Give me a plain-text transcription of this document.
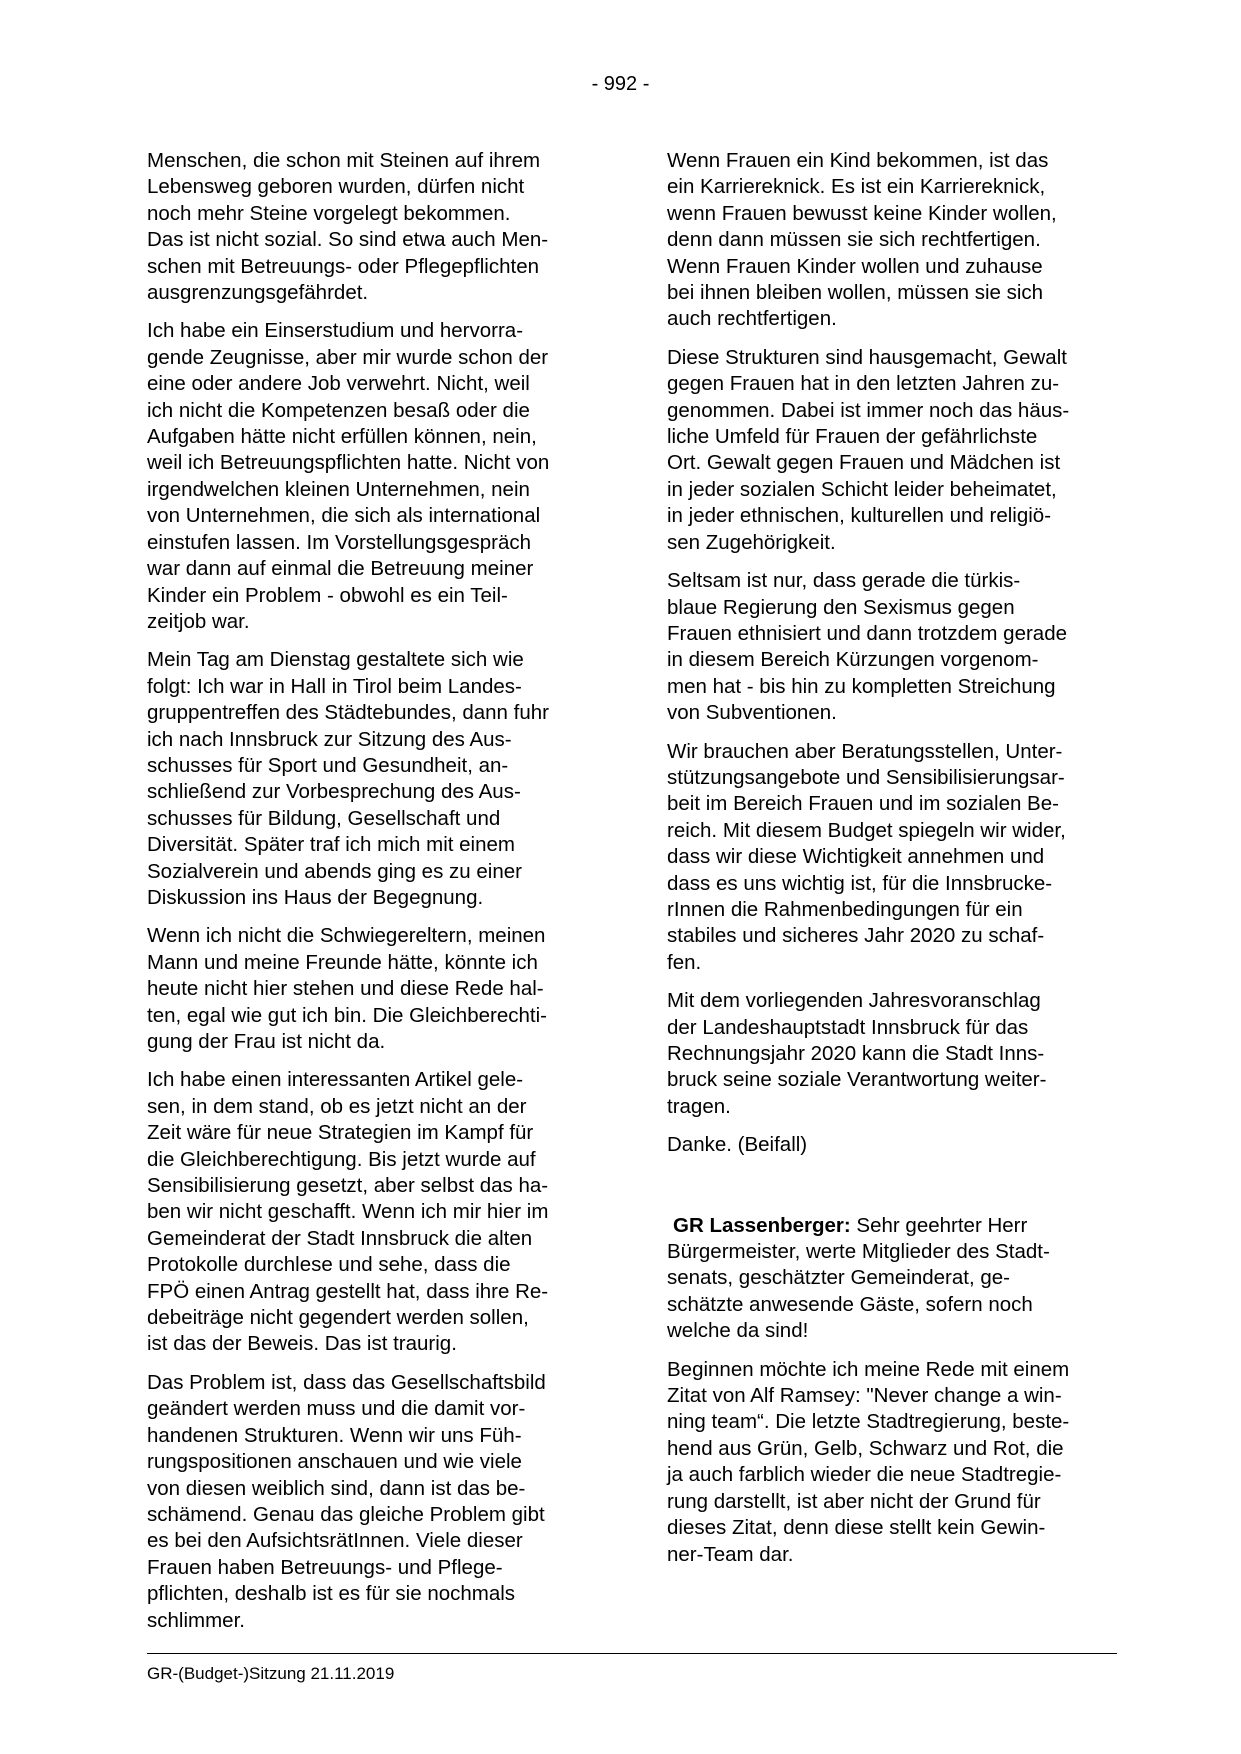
- 992 -

Menschen, die schon mit Steinen auf ihrem
Lebensweg geboren wurden, dürfen nicht
noch mehr Steine vorgelegt bekommen.
Das ist nicht sozial. So sind etwa auch Men-
schen mit Betreuungs- oder Pflegepflichten
ausgrenzungsgefährdet.

Ich habe ein Einserstudium und hervorra-
gende Zeugnisse, aber mir wurde schon der
eine oder andere Job verwehrt. Nicht, weil
ich nicht die Kompetenzen besaß oder die
Aufgaben hätte nicht erfüllen können, nein,
weil ich Betreuungspflichten hatte. Nicht von
irgendwelchen kleinen Unternehmen, nein
von Unternehmen, die sich als international
einstufen lassen. Im Vorstellungsgespräch
war dann auf einmal die Betreuung meiner
Kinder ein Problem - obwohl es ein Teil-
zeitjob war.

Mein Tag am Dienstag gestaltete sich wie
folgt: Ich war in Hall in Tirol beim Landes-
gruppentreffen des Städtebundes, dann fuhr
ich nach Innsbruck zur Sitzung des Aus-
schusses für Sport und Gesundheit, an-
schließend zur Vorbesprechung des Aus-
schusses für Bildung, Gesellschaft und
Diversität. Später traf ich mich mit einem
Sozialverein und abends ging es zu einer
Diskussion ins Haus der Begegnung.

Wenn ich nicht die Schwiegereltern, meinen
Mann und meine Freunde hätte, könnte ich
heute nicht hier stehen und diese Rede hal-
ten, egal wie gut ich bin. Die Gleichberechti-
gung der Frau ist nicht da.

Ich habe einen interessanten Artikel gele-
sen, in dem stand, ob es jetzt nicht an der
Zeit wäre für neue Strategien im Kampf für
die Gleichberechtigung. Bis jetzt wurde auf
Sensibilisierung gesetzt, aber selbst das ha-
ben wir nicht geschafft. Wenn ich mir hier im
Gemeinderat der Stadt Innsbruck die alten
Protokolle durchlese und sehe, dass die
FPÖ einen Antrag gestellt hat, dass ihre Re-
debeiträge nicht gegendert werden sollen,
ist das der Beweis. Das ist traurig.

Das Problem ist, dass das Gesellschaftsbild
geändert werden muss und die damit vor-
handenen Strukturen. Wenn wir uns Füh-
rungspositionen anschauen und wie viele
von diesen weiblich sind, dann ist das be-
schämend. Genau das gleiche Problem gibt
es bei den AufsichtsrätInnen. Viele dieser
Frauen haben Betreuungs- und Pflege-
pflichten, deshalb ist es für sie nochmals
schlimmer.

Wenn Frauen ein Kind bekommen, ist das
ein Karriereknick. Es ist ein Karriereknick,
wenn Frauen bewusst keine Kinder wollen,
denn dann müssen sie sich rechtfertigen.
Wenn Frauen Kinder wollen und zuhause
bei ihnen bleiben wollen, müssen sie sich
auch rechtfertigen.

Diese Strukturen sind hausgemacht, Gewalt
gegen Frauen hat in den letzten Jahren zu-
genommen. Dabei ist immer noch das häus-
liche Umfeld für Frauen der gefährlichste
Ort. Gewalt gegen Frauen und Mädchen ist
in jeder sozialen Schicht leider beheimatet,
in jeder ethnischen, kulturellen und religiö-
sen Zugehörigkeit.

Seltsam ist nur, dass gerade die türkis-
blaue Regierung den Sexismus gegen
Frauen ethnisiert und dann trotzdem gerade
in diesem Bereich Kürzungen vorgenom-
men hat - bis hin zu kompletten Streichung
von Subventionen.

Wir brauchen aber Beratungsstellen, Unter-
stützungsangebote und Sensibilisierungsar-
beit im Bereich Frauen und im sozialen Be-
reich. Mit diesem Budget spiegeln wir wider,
dass wir diese Wichtigkeit annehmen und
dass es uns wichtig ist, für die Innsbrucke-
rInnen die Rahmenbedingungen für ein
stabiles und sicheres Jahr 2020 zu schaf-
fen.

Mit dem vorliegenden Jahresvoranschlag
der Landeshauptstadt Innsbruck für das
Rechnungsjahr 2020 kann die Stadt Inns-
bruck seine soziale Verantwortung weiter-
tragen.

Danke. (Beifall)

GR Lassenberger: Sehr geehrter Herr
Bürgermeister, werte Mitglieder des Stadt-
senats, geschätzter Gemeinderat, ge-
schätzte anwesende Gäste, sofern noch
welche da sind!

Beginnen möchte ich meine Rede mit einem
Zitat von Alf Ramsey: "Never change a win-
ning team“. Die letzte Stadtregierung, beste-
hend aus Grün, Gelb, Schwarz und Rot, die
ja auch farblich wieder die neue Stadtregie-
rung darstellt, ist aber nicht der Grund für
dieses Zitat, denn diese stellt kein Gewin-
ner-Team dar.

GR-(Budget-)Sitzung 21.11.2019
